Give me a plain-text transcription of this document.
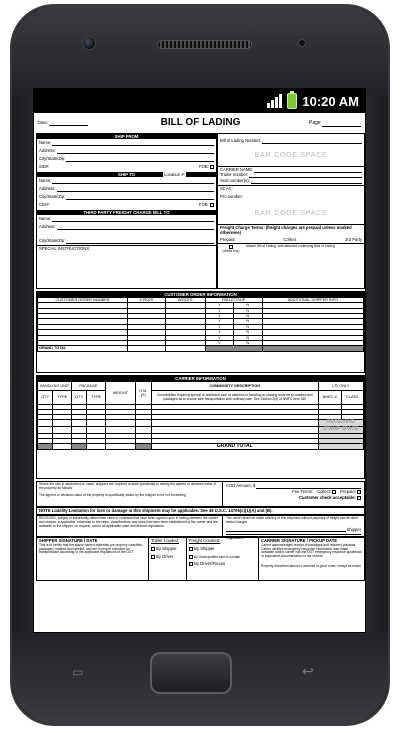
▭	↩
10:20 AM
Date:	BILL OF LADING	Page
SHIP FROM
Name:
Address:
City/State/Zip:
SID#:	FOB:
SHIP TO	Location #:
Name:
Address:
City/State/Zip:
CID#:	FOB:
THIRD PARTY FREIGHT CHARGE BILL TO
Name:
Address:
City/State/Zip:
SPECIAL INSTRUCTIONS:
Bill of Lading Number:
BAR CODE SPACE
CARRIER NAME:
Trailer number:
Seal number(s):
SCAC:
Pro number:
BAR CODE SPACE
Freight Charge Terms: (freight charges are prepaid unless marked otherwise)
Prepaid	Collect	3rd Party
(check box)
Master Bill of Lading: with attached underlying Bills of Lading
CUSTOMER ORDER INFORMATION
CUSTOMER ORDER NUMBER	# PKGS	WEIGHT	PALLET/SLIP		ADDITIONAL SHIPPER INFO
			Y	N	
			Y	N	
			Y	N	
			Y	N	
			Y	N	
			Y	N	
			Y	N	
			Y	N	
GRAND TOTAL					
CARRIER INFORMATION
HANDLING UNIT		PACKAGE		WEIGHT	H.M. (X)	COMMODITY DESCRIPTION	LTL ONLY	
QTY	TYPE	QTY	TYPE			Commodities requiring special or additional care or attention in handling or stowing must be so marked and packaged as to ensure safe transportation with ordinary care. See Section 2(e) of NMFC Item 360	NMFC #	CLASS

							RECEIVING	
							STAMP SPACE	

						GRAND TOTAL		
Where the rate is dependent on value, shippers are required to state specifically in writing the agreed or declared value of the property as follows:
The agreed or declared value of the property is specifically stated by the shipper to be not exceeding
COD Amount: $
Fee Terms: Collect:	Prepaid:
Customer check acceptable:
NOTE Liability Limitation for loss or damage in this shipment may be applicable. See 49 U.S.C. 14706(c)(1)(A) and (B).
RECEIVED, subject to individually determined rates or contracts that have been agreed upon in writing between the carrier and shipper, if applicable, otherwise to the rates, classifications and rules that have been established by the carrier and are available to the shipper, on request, and to all applicable state and federal regulations.
The carrier shall not make delivery of this shipment without payment of freight and all other lawful charges.
Shipper
Signature
SHIPPER SIGNATURE / DATE
This is to certify that the above named materials are properly classified, packaged, marked and labeled, and are in proper condition for transportation according to the applicable regulations of the DOT.
Trailer Loaded:
By Shipper
By Driver
Freight Counted:
By Shipper
By Driver/pallets said to contain
By Driver/Pieces
CARRIER SIGNATURE / PICKUP DATE
Carrier acknowledges receipt of packages and required placards. Carrier certifies emergency response information was made available and/or carrier has the DOT emergency response guidebook or equivalent documentation in the vehicle.
Property described above is received in good order, except as noted.
